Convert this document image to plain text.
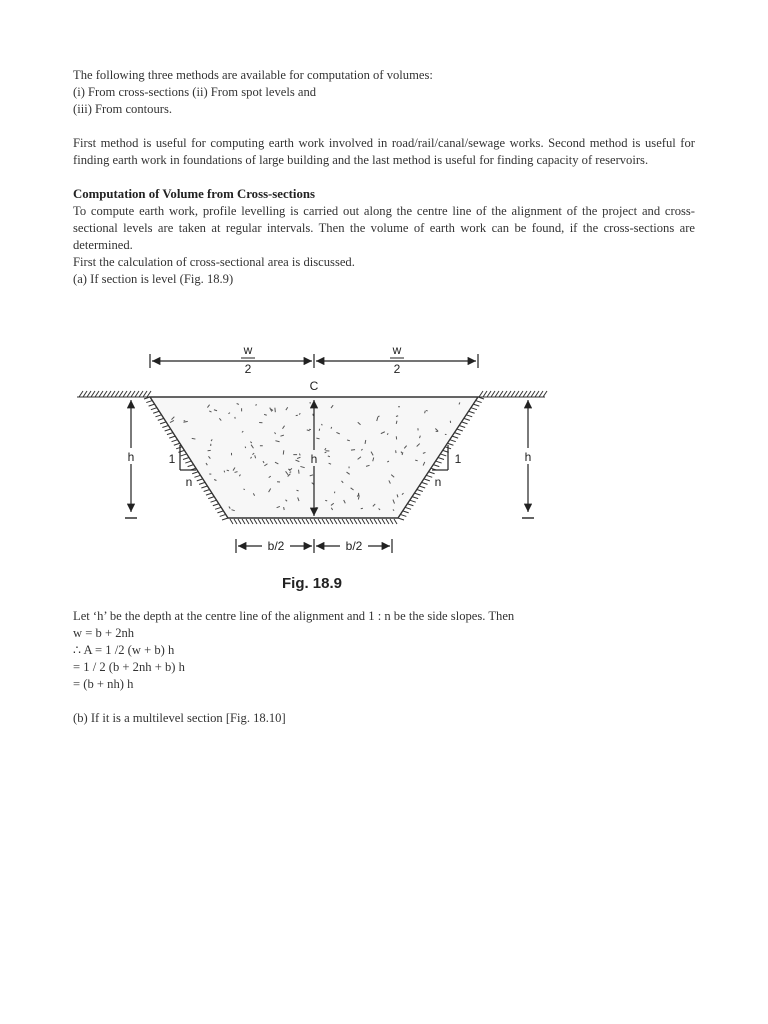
The following three methods are available for computation of volumes:
(i) From cross-sections (ii) From spot levels and
(iii) From contours.
First method is useful for computing earth work involved in road/rail/canal/sewage works. Second method is useful for finding earth work in foundations of large building and the last method is useful for finding capacity of reservoirs.
Computation of Volume from Cross-sections
To compute earth work, profile levelling is carried out along the centre line of the alignment of the project and cross-sectional levels are taken at regular intervals. Then the volume of earth work can be found, if the cross-sections are determined.
First the calculation of cross-sectional area is discussed.
(a) If section is level (Fig. 18.9)
w
2
w
2
C
h
h	h
1
n
1
n
b/2	b/2
Fig. 18.9
Let ‘h’ be the depth at the centre line of the alignment and 1 : n be the side slopes. Then
w = b + 2nh
∴ A = 1 /2 (w + b) h
= 1 / 2 (b + 2nh + b) h
= (b + nh) h
(b) If it is a multilevel section [Fig. 18.10]
